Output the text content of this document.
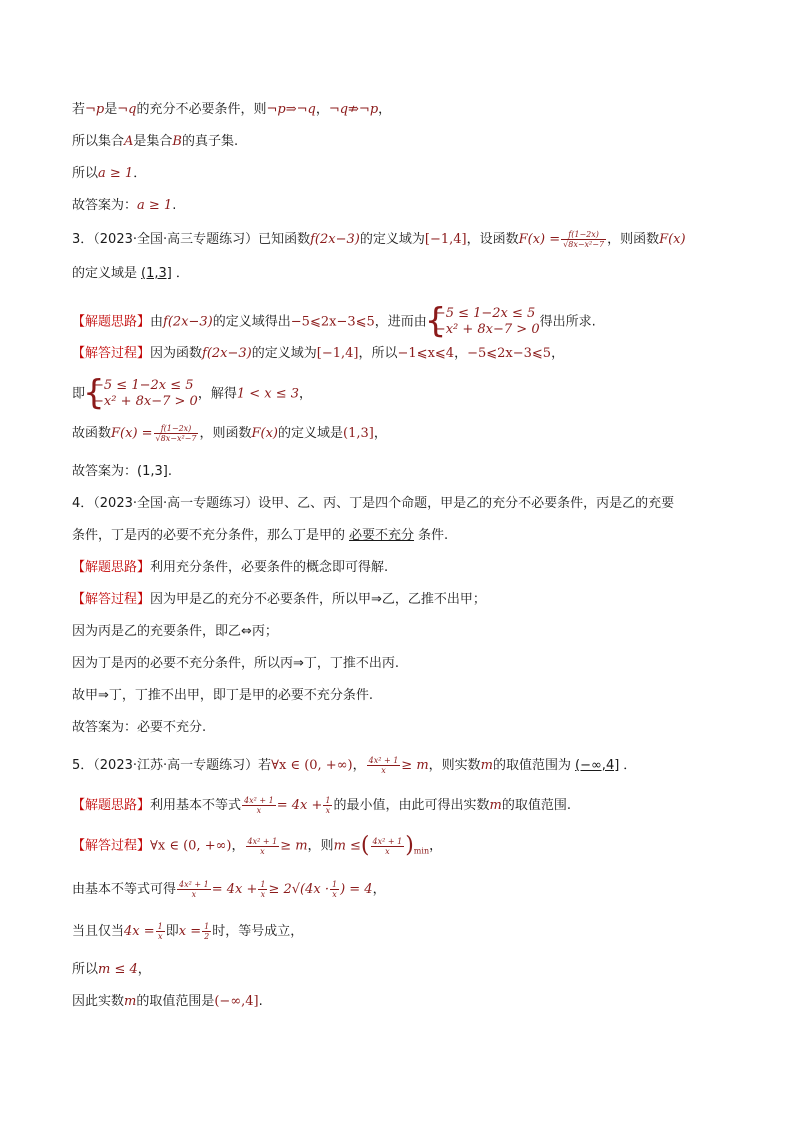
若¬p是¬q的充分不必要条件，则¬p⇒¬q，¬q⇏¬p，
所以集合A是集合B的真子集.
所以a ≥ 1．
故答案为：a ≥ 1.
3．（2023·全国·高三专题练习）已知函数f(2x−3)的定义域为[−1,4]，设函数$F(x) = \frac{f(1-2x)}{\text{√8x−x²−7}}$ ，则函数F(x)
的定义域是 (1,3] ．
【解题思路】由f(2x−3)的定义域得出−5⩽2x−3⩽5，进而由
{ −5 ≤ 1−2x ≤ 5
−x² + 8x−7 > 0 得出所求.
【解答过程】因为函数f(2x−3)的定义域为[−1,4]，所以−1⩽x⩽4，−5⩽2x−3⩽5，
即
{ −5 ≤ 1−2x ≤ 5
−x² + 8x−7 > 0 ，解得1 < x ≤ 3，
故函数$F(x) = \frac{f(1-2x)}{\text{√8x−x²−7}}$ ，则函数F(x)的定义域是(1,3]，
故答案为：(1,3].
4．（2023·全国·高一专题练习）设甲、乙、丙、丁是四个命题，甲是乙的充分不必要条件，丙是乙的充要
条件，丁是丙的必要不充分条件，那么丁是甲的 必要不充分 条件.
【解题思路】利用充分条件，必要条件的概念即可得解.
【解答过程】因为甲是乙的充分不必要条件，所以甲⇒乙，乙推不出甲；
因为丙是乙的充要条件，即乙⇔丙；
因为丁是丙的必要不充分条件，所以丙⇒丁，丁推不出丙.
故甲⇒丁，丁推不出甲，即丁是甲的必要不充分条件.
故答案为：必要不充分.
5．（2023·江苏·高一专题练习）若∀x ∈ (0, +∞)， $\frac{\text{4x² + 1}}{x} \ge m$，则实数m的取值范围为 (−∞,4] ．
【解题思路】利用基本不等式 $\frac{\text{4x² + 1}}{x} = 4x + \frac{1}{x}$ 的最小值，由此可得出实数m的取值范围.
【解答过程】∀x ∈ (0, +∞)， $\frac{\text{4x² + 1}}{x} \ge m$，则m ≤( $\frac{\text{4x² + 1}}{x} )_{min}$，
由基本不等式可得 $\frac{\text{4x² + 1}}{x} = 4x + \frac{1}{x} \ge 2√(4x \cdot \frac{1}{x}$ ) = 4，
当且仅当$4x = \frac{1}{x}$ 即$x = \frac{1}{2}$ 时，等号成立，
所以m ≤ 4，
因此实数m的取值范围是(−∞,4].
